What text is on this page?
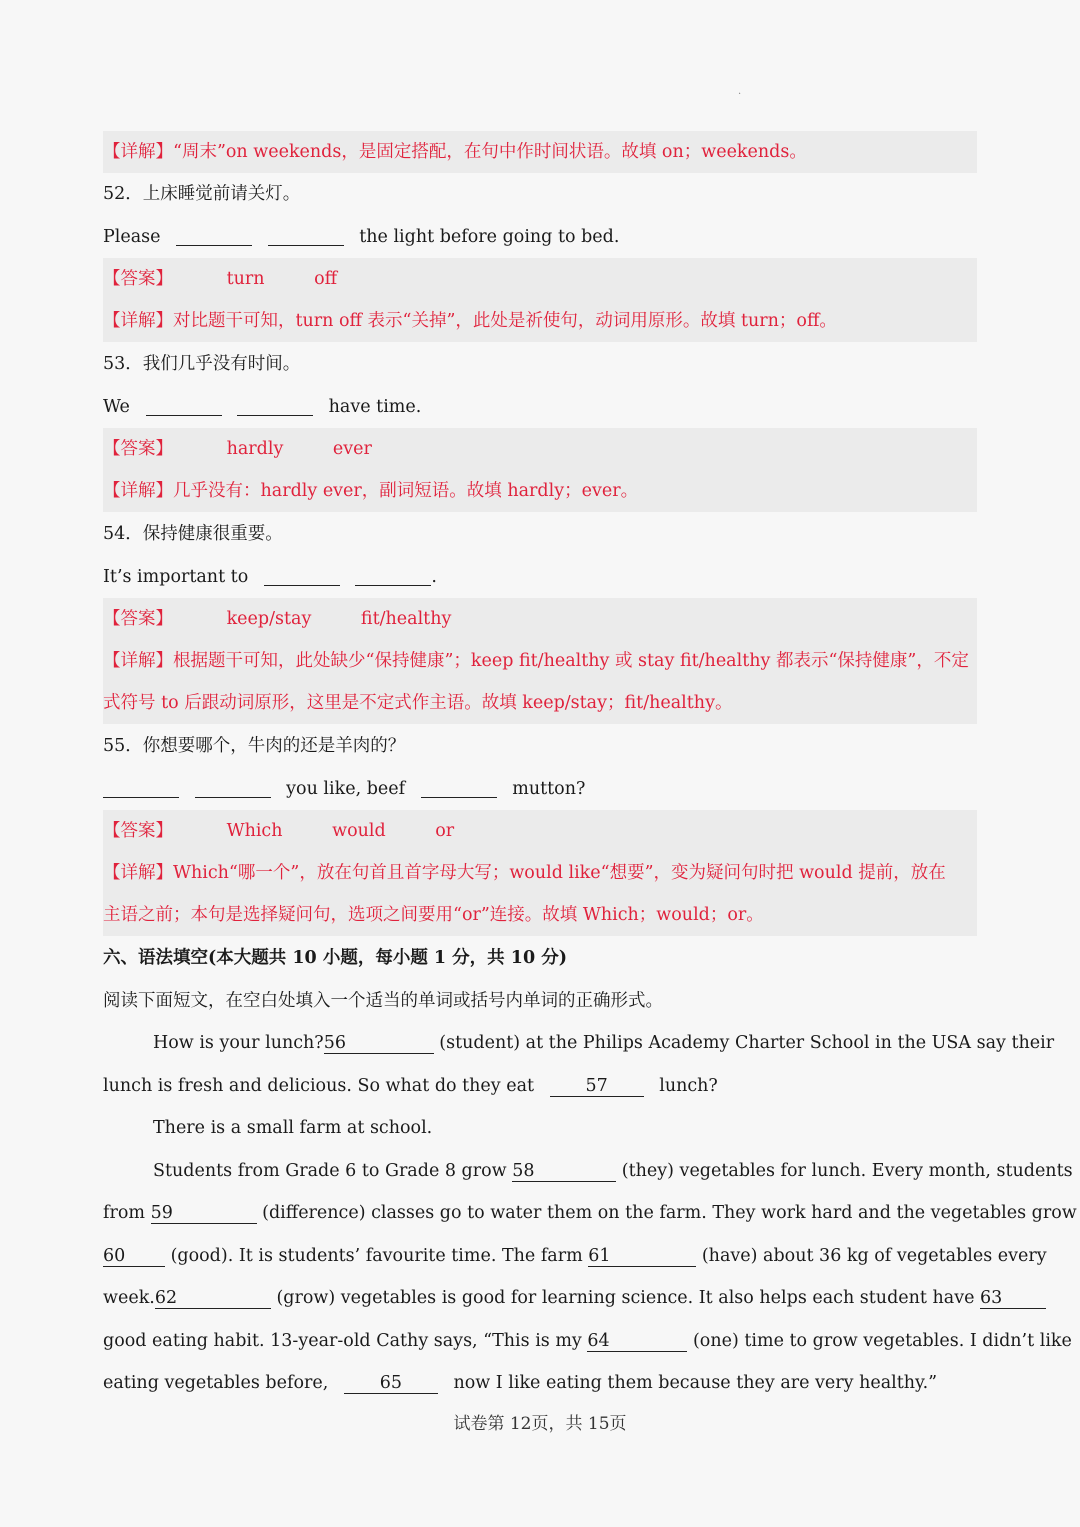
.
【详解】“周末”on weekends，是固定搭配，在句中作时间状语。故填 on；weekends。
52．上床睡觉前请关灯。
Please	the light before going to bed.
【答案】	turn	off
【详解】对比题干可知，turn off 表示“关掉”，此处是祈使句，动词用原形。故填 turn；off。
53．我们几乎没有时间。
We	have time.
【答案】	hardly	ever
【详解】几乎没有：hardly ever，副词短语。故填 hardly；ever。
54．保持健康很重要。
It’s important to	.
【答案】	keep/stay	fit/healthy
【详解】根据题干可知，此处缺少“保持健康”；keep fit/healthy 或 stay fit/healthy 都表示“保持健康”，不定
式符号 to 后跟动词原形，这里是不定式作主语。故填 keep/stay；fit/healthy。
55．你想要哪个，牛肉的还是羊肉的？
you like, beef	mutton?
【答案】	Which	would	or
【详解】Which“哪一个”，放在句首且首字母大写；would like“想要”，变为疑问句时把 would 提前，放在
主语之前；本句是选择疑问句，选项之间要用“or”连接。故填 Which；would；or。
六、语法填空(本大题共 10 小题，每小题 1 分，共 10 分)
阅读下面短文，在空白处填入一个适当的单词或括号内单词的正确形式。
How is your lunch?56	(student) at the Philips Academy Charter School in the USA say their
lunch is fresh and delicious. So what do they eat	57	lunch?
There is a small farm at school.
Students from Grade 6 to Grade 8 grow 58	(they) vegetables for lunch. Every month, students
from 59	(difference) classes go to water them on the farm. They work hard and the vegetables grow
60	(good). It is students’ favourite time. The farm 61	(have) about 36 kg of vegetables every
week.62	(grow) vegetables is good for learning science. It also helps each student have 63
good eating habit. 13-year-old Cathy says, “This is my 64	(one) time to grow vegetables. I didn’t like
eating vegetables before,	65	now I like eating them because they are very healthy.”
试卷第 12页，共 15页
